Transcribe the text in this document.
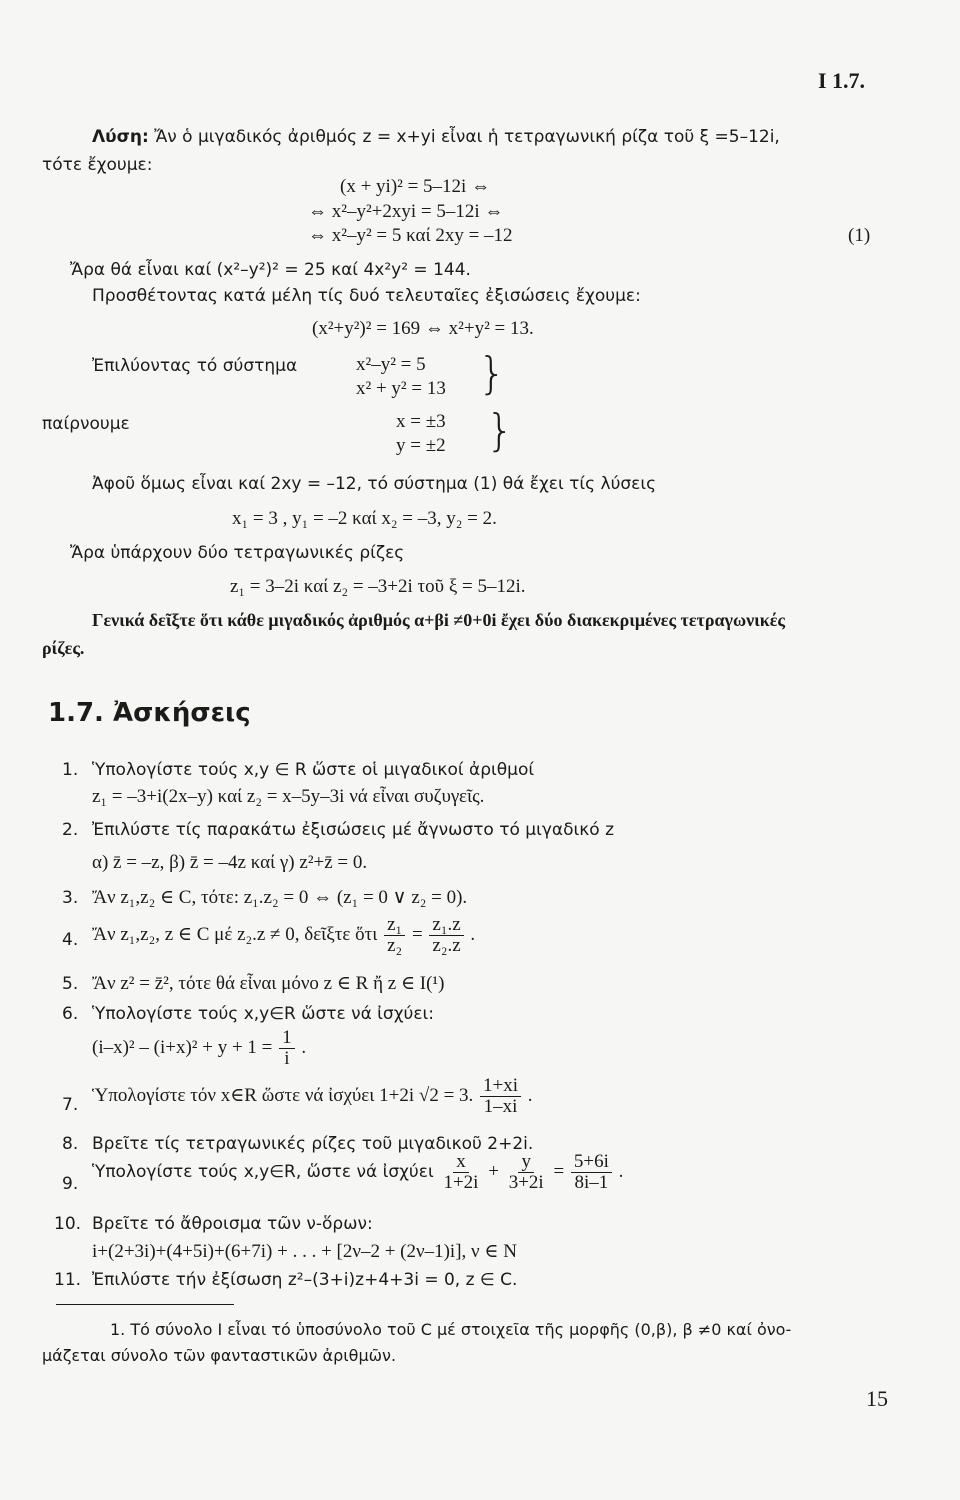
I 1.7.
Λύση: Ἄν ὁ μιγαδικός ἀριθμός z = x+yi εἶναι ἡ τετραγωνική ρίζα τοῦ ξ =5–12i,
τότε ἔχουμε:
(x + yi)² = 5–12i ⇔
⇔ x²–y²+2xyi = 5–12i ⇔
⇔ x²–y² = 5 καί 2xy = –12	(1)
Ἄρα θά εἶναι καί (x²–y²)² = 25 καί 4x²y² = 144.
Προσθέτοντας κατά μέλη τίς δυό τελευταῖες ἐξισώσεις ἔχουμε:
(x²+y²)² = 169 ⇔ x²+y² = 13.
Ἐπιλύοντας τό σύστημα	x²–y² = 5
x² + y² = 13 }
παίρνουμε	x = ±3
y = ±2 }
Ἀφοῦ ὅμως εἶναι καί 2xy = –12, τό σύστημα (1) θά ἔχει τίς λύσεις
x₁ = 3 , y₁ = –2 καί x₂ = –3, y₂ = 2.
Ἄρα ὑπάρχουν δύο τετραγωνικές ρίζες
z₁ = 3–2i καί z₂ = –3+2i τοῦ ξ = 5–12i.
Γενικά δεῖξτε ὅτι κάθε μιγαδικός ἀριθμός α+βi ≠0+0i ἔχει δύο διακεκριμένες τετραγωνικές
ρίζες.
1.7. Ἀσκήσεις
1. Ὑπολογίστε τούς x,y ∈ R ὥστε οἱ μιγαδικοί ἀριθμοί
z₁ = –3+i(2x–y) καί z₂ = x–5y–3i νά εἶναι συζυγεῖς.
2. Ἐπιλύστε τίς παρακάτω ἐξισώσεις μέ ἄγνωστο τό μιγαδικό z
α) z̄ = –z, β) z̄ = –4z καί γ) z²+z̄ = 0.
3. Ἄν z₁,z₂ ∈ C, τότε: z₁.z₂ = 0 ⇔ (z₁ = 0 ∨ z₂ = 0).
4. Ἄν z₁,z₂, z ∈ C μέ z₂.z ≠ 0, δεῖξτε ὅτι $\frac{\text{z₁}}{\text{z₂}} = \frac{\text{z₁.z}}{\text{z₂.z}}$ .
5. Ἄν z² = z̄², τότε θά εἶναι μόνο z ∈ R ἤ z ∈ I(¹)
6. Ὑπολογίστε τούς x,y∈R ὥστε νά ἰσχύει:
$(i-x)^2 - (i+x)^2 + y + 1 = \frac{1}{i}$ .
7. Ὑπολογίστε τόν x∈R ὥστε νά ἰσχύει 1+2i √2 = 3. $\frac{1+xi}{1-xi}$ .
8. Βρεῖτε τίς τετραγωνικές ρίζες τοῦ μιγαδικοῦ 2+2i.
9.
Ὑπολογίστε τούς x,y∈R, ὥστε νά ἰσχύει $\frac{x}{1+2i} + \frac{y}{3+2i} = \frac{5+6i}{8i-1}$ .
10. Βρεῖτε τό ἄθροισμα τῶν ν-ὅρων:
i+(2+3i)+(4+5i)+(6+7i) + . . . + [2ν–2 + (2ν–1)i], ν ∈ N
11. Ἐπιλύστε τήν ἐξίσωση z²–(3+i)z+4+3i = 0, z ∈ C.
1. Τό σύνολο I εἶναι τό ὑποσύνολο τοῦ C μέ στοιχεῖα τῆς μορφῆς (0,β), β ≠0 καί ὀνο-
μάζεται σύνολο τῶν φανταστικῶν ἀριθμῶν.
15
